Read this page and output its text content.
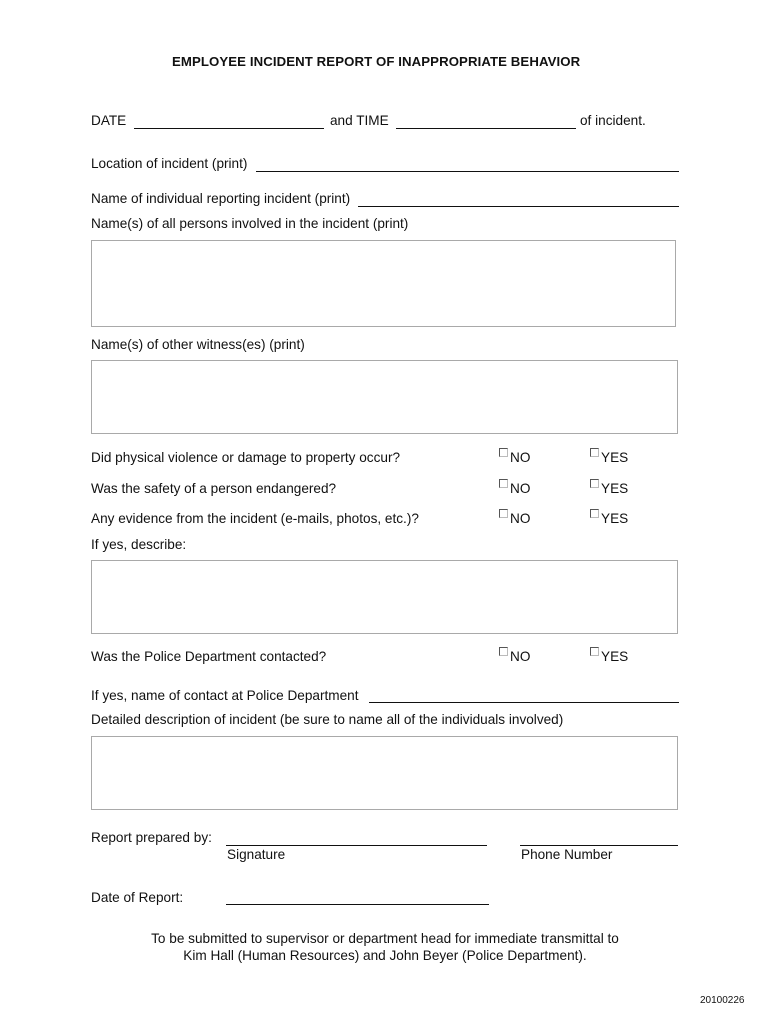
EMPLOYEE INCIDENT REPORT OF INAPPROPRIATE BEHAVIOR
DATE	and TIME	of incident.
Location of incident (print)
Name of individual reporting incident (print)
Name(s) of all persons involved in the incident (print)
Name(s) of other witness(es) (print)
Did physical violence or damage to property occur?	NO	YES
Was the safety of a person endangered?	NO	YES
Any evidence from the incident (e-mails, photos, etc.)?	NO	YES
If yes, describe:
Was the Police Department contacted?	NO	YES
If yes, name of contact at Police Department
Detailed description of incident (be sure to name all of the individuals involved)
Report prepared by:
Signature	Phone Number
Date of Report:
To be submitted to supervisor or department head for immediate transmittal to
Kim Hall (Human Resources) and John Beyer (Police Department).
20100226
